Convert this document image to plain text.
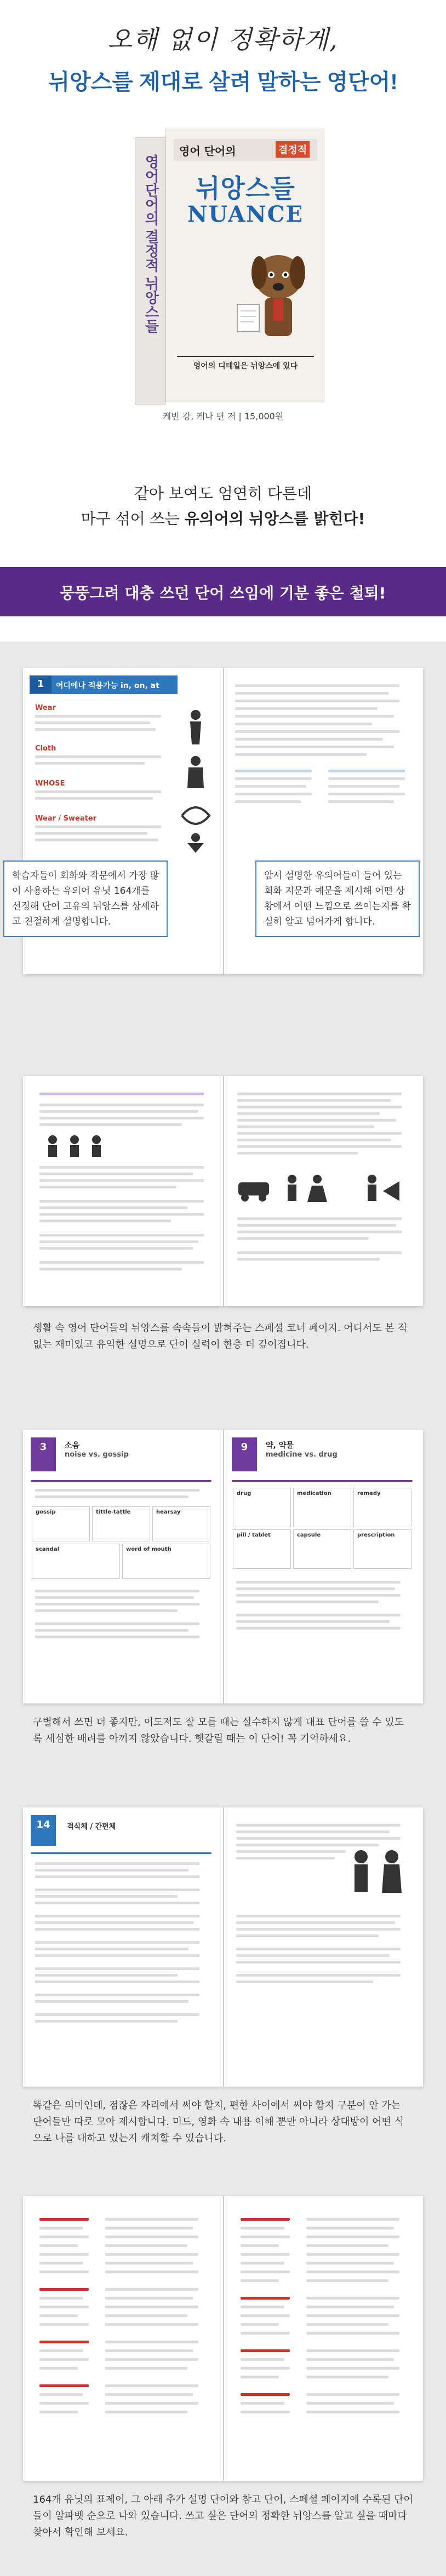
오해 없이 정확하게,
뉘앙스를 제대로 살려 말하는 영단어!
영어단어의 결정적 뉘앙스들
영어 단어의	결정적
뉘앙스들
NUANCE
영어의 디테일은 뉘앙스에 있다
케빈 강, 케나 편 저 | 15,000원
같아 보여도 엄연히 다른데
마구 섞어 쓰는 유의어의 뉘앙스를 밝힌다!
뭉뚱그려 대충 쓰던 단어 쓰임에 기분 좋은 철퇴!
1	어디에나 적용가능 in, on, at
Wear
Cloth
WHOSE
Wear / Sweater
학습자들이 회화와 작문에서 가장 많이 사용하는 유의어 유닛 164개를 선정해 단어 고유의 뉘앙스를 상세하고 친절하게 설명합니다.
앞서 설명한 유의어들이 들어 있는 회화 지문과 예문을 제시해 어떤 상황에서 어떤 느낌으로 쓰이는지를 확실히 알고 넘어가게 합니다.
생활 속 영어 단어들의 뉘앙스를 속속들이 밝혀주는 스페셜 코너 페이지. 어디서도 본 적 없는 재미있고 유익한 설명으로 단어 실력이 한층 더 깊어집니다.
3	소음
noise vs. gossip
gossip	tittle-tattle	hearsay
scandal	word of mouth
9	약, 약물
medicine vs. drug
drug	medication	remedy
pill / tablet	capsule	prescription
구별해서 쓰면 더 좋지만, 이도저도 잘 모를 때는 실수하지 않게 대표 단어를 쓸 수 있도록 세심한 배려를 아끼지 않았습니다. 헷갈릴 때는 이 단어! 꼭 기억하세요.
14	격식체 / 간편체
똑같은 의미인데, 점잖은 자리에서 써야 할지, 편한 사이에서 써야 할지 구분이 안 가는 단어들만 따로 모아 제시합니다. 미드, 영화 속 내용 이해 뿐만 아니라 상대방이 어떤 식으로 나를 대하고 있는지 캐치할 수 있습니다.
164개 유닛의 표제어, 그 아래 추가 설명 단어와 참고 단어, 스페셜 페이지에 수록된 단어들이 알파벳 순으로 나와 있습니다. 쓰고 싶은 단어의 정확한 뉘앙스를 알고 싶을 때마다 찾아서 확인해 보세요.
